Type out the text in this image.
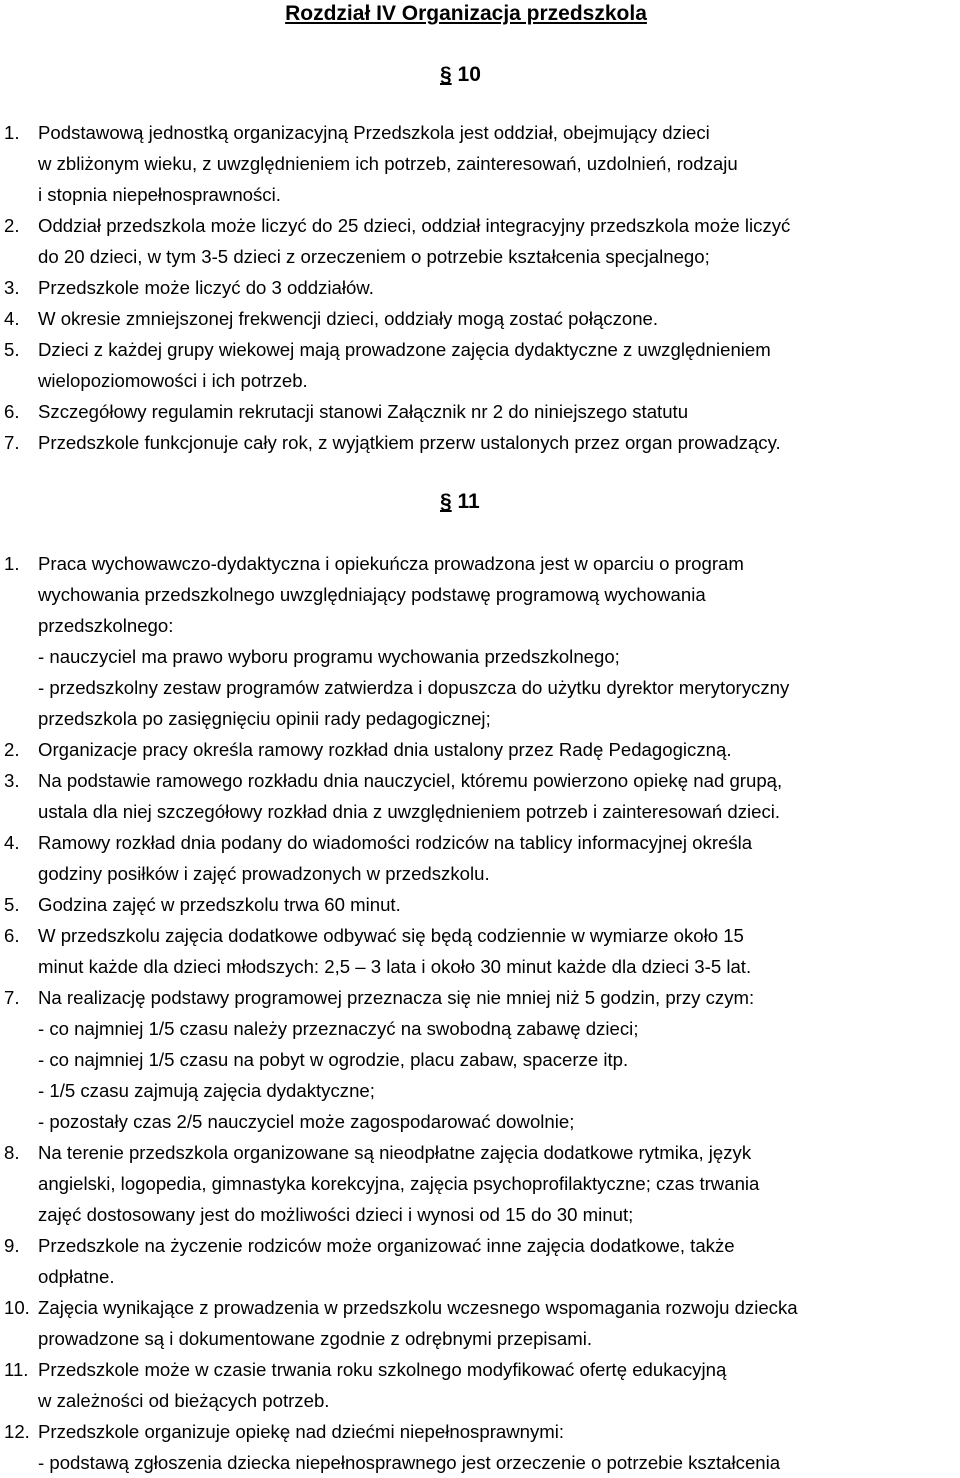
Rozdział IV Organizacja przedszkola
§ 10
1. Podstawową jednostką organizacyjną Przedszkola jest oddział, obejmujący dzieci
w zbliżonym wieku, z uwzględnieniem ich potrzeb, zainteresowań, uzdolnień, rodzaju
i stopnia niepełnosprawności.
2. Oddział przedszkola może liczyć do 25 dzieci, oddział integracyjny przedszkola może liczyć
do 20 dzieci, w tym 3-5 dzieci z orzeczeniem o potrzebie kształcenia specjalnego;
3. Przedszkole może liczyć do 3 oddziałów.
4. W okresie zmniejszonej frekwencji dzieci, oddziały mogą zostać połączone.
5. Dzieci z każdej grupy wiekowej mają prowadzone zajęcia dydaktyczne z uwzględnieniem
wielopoziomowości i ich potrzeb.
6. Szczegółowy regulamin rekrutacji stanowi Załącznik nr 2 do niniejszego statutu
7. Przedszkole funkcjonuje cały rok, z wyjątkiem przerw ustalonych przez organ prowadzący.
§ 11
1. Praca wychowawczo-dydaktyczna i opiekuńcza prowadzona jest w oparciu o program
wychowania przedszkolnego uwzględniający podstawę programową wychowania
przedszkolnego:
- nauczyciel ma prawo wyboru programu wychowania przedszkolnego;
- przedszkolny zestaw programów zatwierdza i dopuszcza do użytku dyrektor merytoryczny
przedszkola po zasięgnięciu opinii rady pedagogicznej;
2. Organizacje pracy określa ramowy rozkład dnia ustalony przez Radę Pedagogiczną.
3. Na podstawie ramowego rozkładu dnia nauczyciel, któremu powierzono opiekę nad grupą,
ustala dla niej szczegółowy rozkład dnia z uwzględnieniem potrzeb i zainteresowań dzieci.
4. Ramowy rozkład dnia podany do wiadomości rodziców na tablicy informacyjnej określa
godziny posiłków i zajęć prowadzonych w przedszkolu.
5. Godzina zajęć w przedszkolu trwa 60 minut.
6. W przedszkolu zajęcia dodatkowe odbywać się będą codziennie w wymiarze około 15
minut każde dla dzieci młodszych: 2,5 – 3 lata i około 30 minut każde dla dzieci 3-5 lat.
7. Na realizację podstawy programowej przeznacza się nie mniej niż 5 godzin, przy czym:
- co najmniej 1/5 czasu należy przeznaczyć na swobodną zabawę dzieci;
- co najmniej 1/5 czasu na pobyt w ogrodzie, placu zabaw, spacerze itp.
- 1/5 czasu zajmują zajęcia dydaktyczne;
- pozostały czas 2/5 nauczyciel może zagospodarować dowolnie;
8. Na terenie przedszkola organizowane są nieodpłatne zajęcia dodatkowe rytmika, język
angielski, logopedia, gimnastyka korekcyjna, zajęcia psychoprofilaktyczne; czas trwania
zajęć dostosowany jest do możliwości dzieci i wynosi od 15 do 30 minut;
9. Przedszkole na życzenie rodziców może organizować inne zajęcia dodatkowe, także
odpłatne.
10. Zajęcia wynikające z prowadzenia w przedszkolu wczesnego wspomagania rozwoju dziecka
prowadzone są i dokumentowane zgodnie z odrębnymi przepisami.
11. Przedszkole może w czasie trwania roku szkolnego modyfikować ofertę edukacyjną
w zależności od bieżących potrzeb.
12. Przedszkole organizuje opiekę nad dziećmi niepełnosprawnymi:
- podstawą zgłoszenia dziecka niepełnosprawnego jest orzeczenie o potrzebie kształcenia
